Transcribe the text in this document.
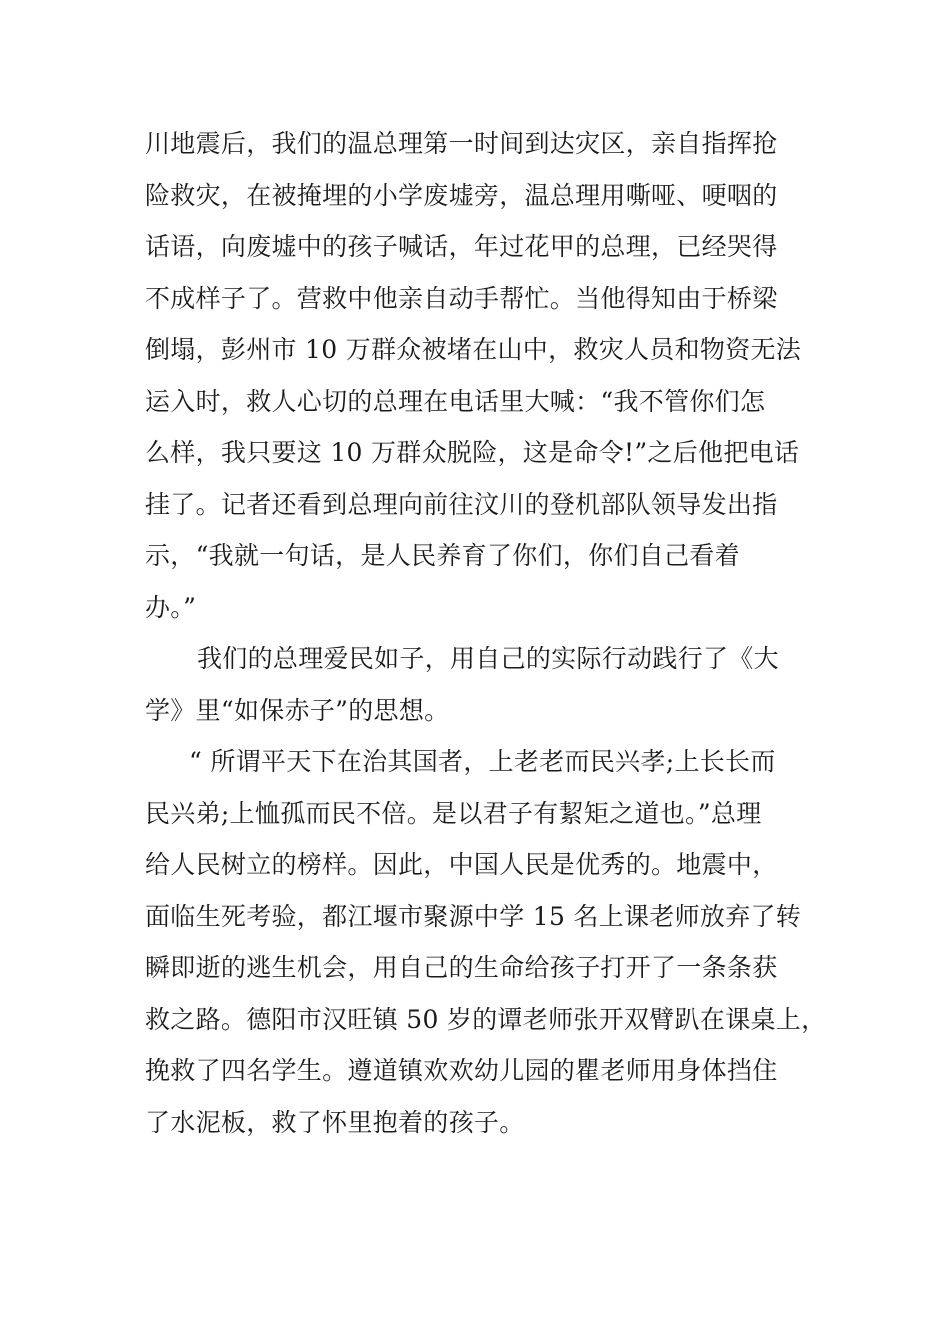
川地震后，我们的温总理第一时间到达灾区，亲自指挥抢
险救灾，在被掩埋的小学废墟旁，温总理用嘶哑、哽咽的
话语，向废墟中的孩子喊话，年过花甲的总理，已经哭得
不成样子了。营救中他亲自动手帮忙。当他得知由于桥梁
倒塌，彭州市 10 万群众被堵在山中，救灾人员和物资无法
运入时，救人心切的总理在电话里大喊：“我不管你们怎
么样，我只要这 10 万群众脱险，这是命令!”之后他把电话
挂了。记者还看到总理向前往汶川的登机部队领导发出指
示，“我就一句话，是人民养育了你们，你们自己看着
办。”
我们的总理爱民如子，用自己的实际行动践行了《大
学》里“如保赤子”的思想。
“ 所谓平天下在治其国者，上老老而民兴孝;上长长而
民兴弟;上恤孤而民不倍。是以君子有絜矩之道也。”总理
给人民树立的榜样。因此，中国人民是优秀的。地震中，
面临生死考验，都江堰市聚源中学 15 名上课老师放弃了转
瞬即逝的逃生机会，用自己的生命给孩子打开了一条条获
救之路。德阳市汉旺镇 50 岁的谭老师张开双臂趴在课桌上，
挽救了四名学生。遵道镇欢欢幼儿园的瞿老师用身体挡住
了水泥板，救了怀里抱着的孩子。
